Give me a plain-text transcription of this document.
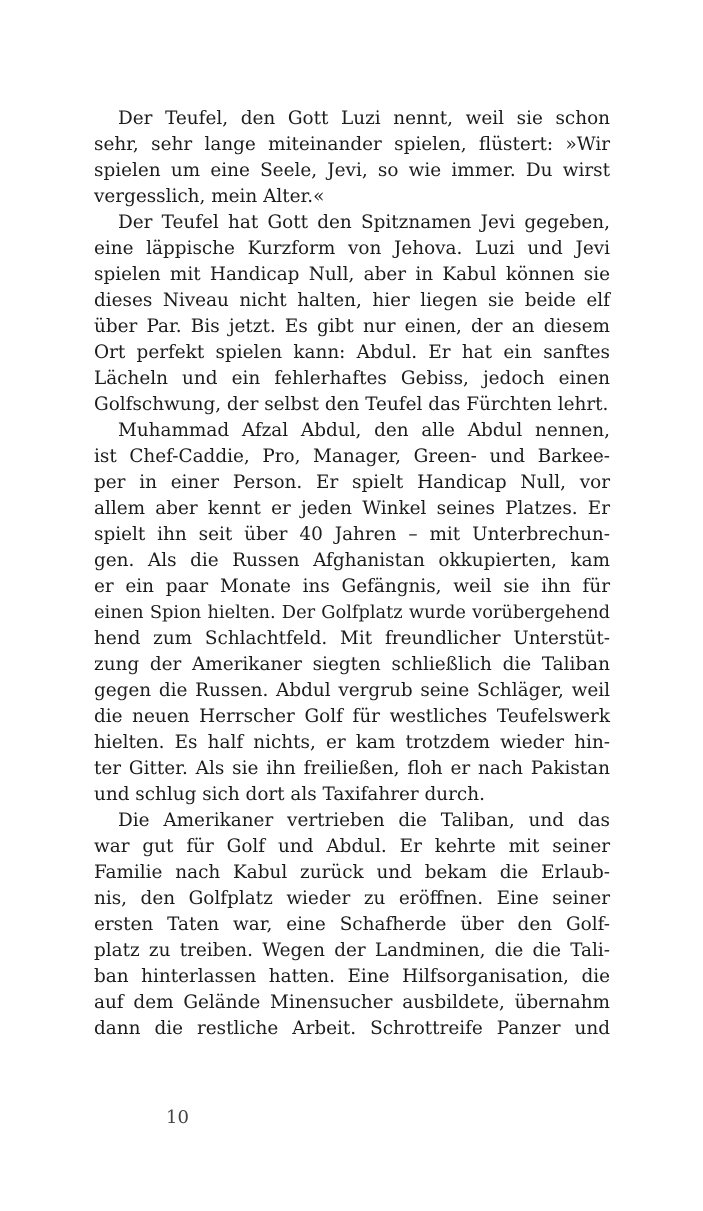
Der Teufel, den Gott Luzi nennt, weil sie schon
sehr, sehr lange miteinander spielen, flüstert: »Wir
spielen um eine Seele, Jevi, so wie immer. Du wirst
vergesslich, mein Alter.«
Der Teufel hat Gott den Spitznamen Jevi gegeben,
eine läppische Kurzform von Jehova. Luzi und Jevi
spielen mit Handicap Null, aber in Kabul können sie
dieses Niveau nicht halten, hier liegen sie beide elf
über Par. Bis jetzt. Es gibt nur einen, der an diesem
Ort perfekt spielen kann: Abdul. Er hat ein sanftes
Lächeln und ein fehlerhaftes Gebiss, jedoch einen
Golfschwung, der selbst den Teufel das Fürchten lehrt.
Muhammad Afzal Abdul, den alle Abdul nennen,
ist Chef-Caddie, Pro, Manager, Green- und Barkee-
per in einer Person. Er spielt Handicap Null, vor
allem aber kennt er jeden Winkel seines Platzes. Er
spielt ihn seit über 40 Jahren – mit Unterbrechun-
gen. Als die Russen Afghanistan okkupierten, kam
er ein paar Monate ins Gefängnis, weil sie ihn für
einen Spion hielten. Der Golfplatz wurde vorübergehend
hend zum Schlachtfeld. Mit freundlicher Unterstüt-
zung der Amerikaner siegten schließlich die Taliban
gegen die Russen. Abdul vergrub seine Schläger, weil
die neuen Herrscher Golf für westliches Teufelswerk
hielten. Es half nichts, er kam trotzdem wieder hin-
ter Gitter. Als sie ihn freiließen, floh er nach Pakistan
und schlug sich dort als Taxifahrer durch.
Die Amerikaner vertrieben die Taliban, und das
war gut für Golf und Abdul. Er kehrte mit seiner
Familie nach Kabul zurück und bekam die Erlaub-
nis, den Golfplatz wieder zu eröffnen. Eine seiner
ersten Taten war, eine Schafherde über den Golf-
platz zu treiben. Wegen der Landminen, die die Tali-
ban hinterlassen hatten. Eine Hilfsorganisation, die
auf dem Gelände Minensucher ausbildete, übernahm
dann die restliche Arbeit. Schrottreife Panzer und
10
